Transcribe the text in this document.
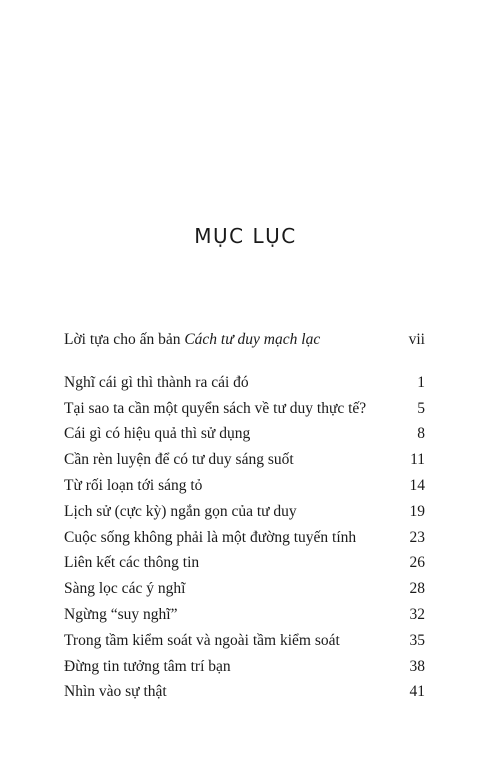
MỤC LỤC
Lời tựa cho ấn bản Cách tư duy mạch lạc	vii
Nghĩ cái gì thì thành ra cái đó	1
Tại sao ta cần một quyển sách về tư duy thực tế?	5
Cái gì có hiệu quả thì sử dụng	8
Cần rèn luyện để có tư duy sáng suốt	11
Từ rối loạn tới sáng tỏ	14
Lịch sử (cực kỳ) ngắn gọn của tư duy	19
Cuộc sống không phải là một đường tuyến tính	23
Liên kết các thông tin	26
Sàng lọc các ý nghĩ	28
Ngừng “suy nghĩ”	32
Trong tầm kiểm soát và ngoài tầm kiểm soát	35
Đừng tin tưởng tâm trí bạn	38
Nhìn vào sự thật	41
